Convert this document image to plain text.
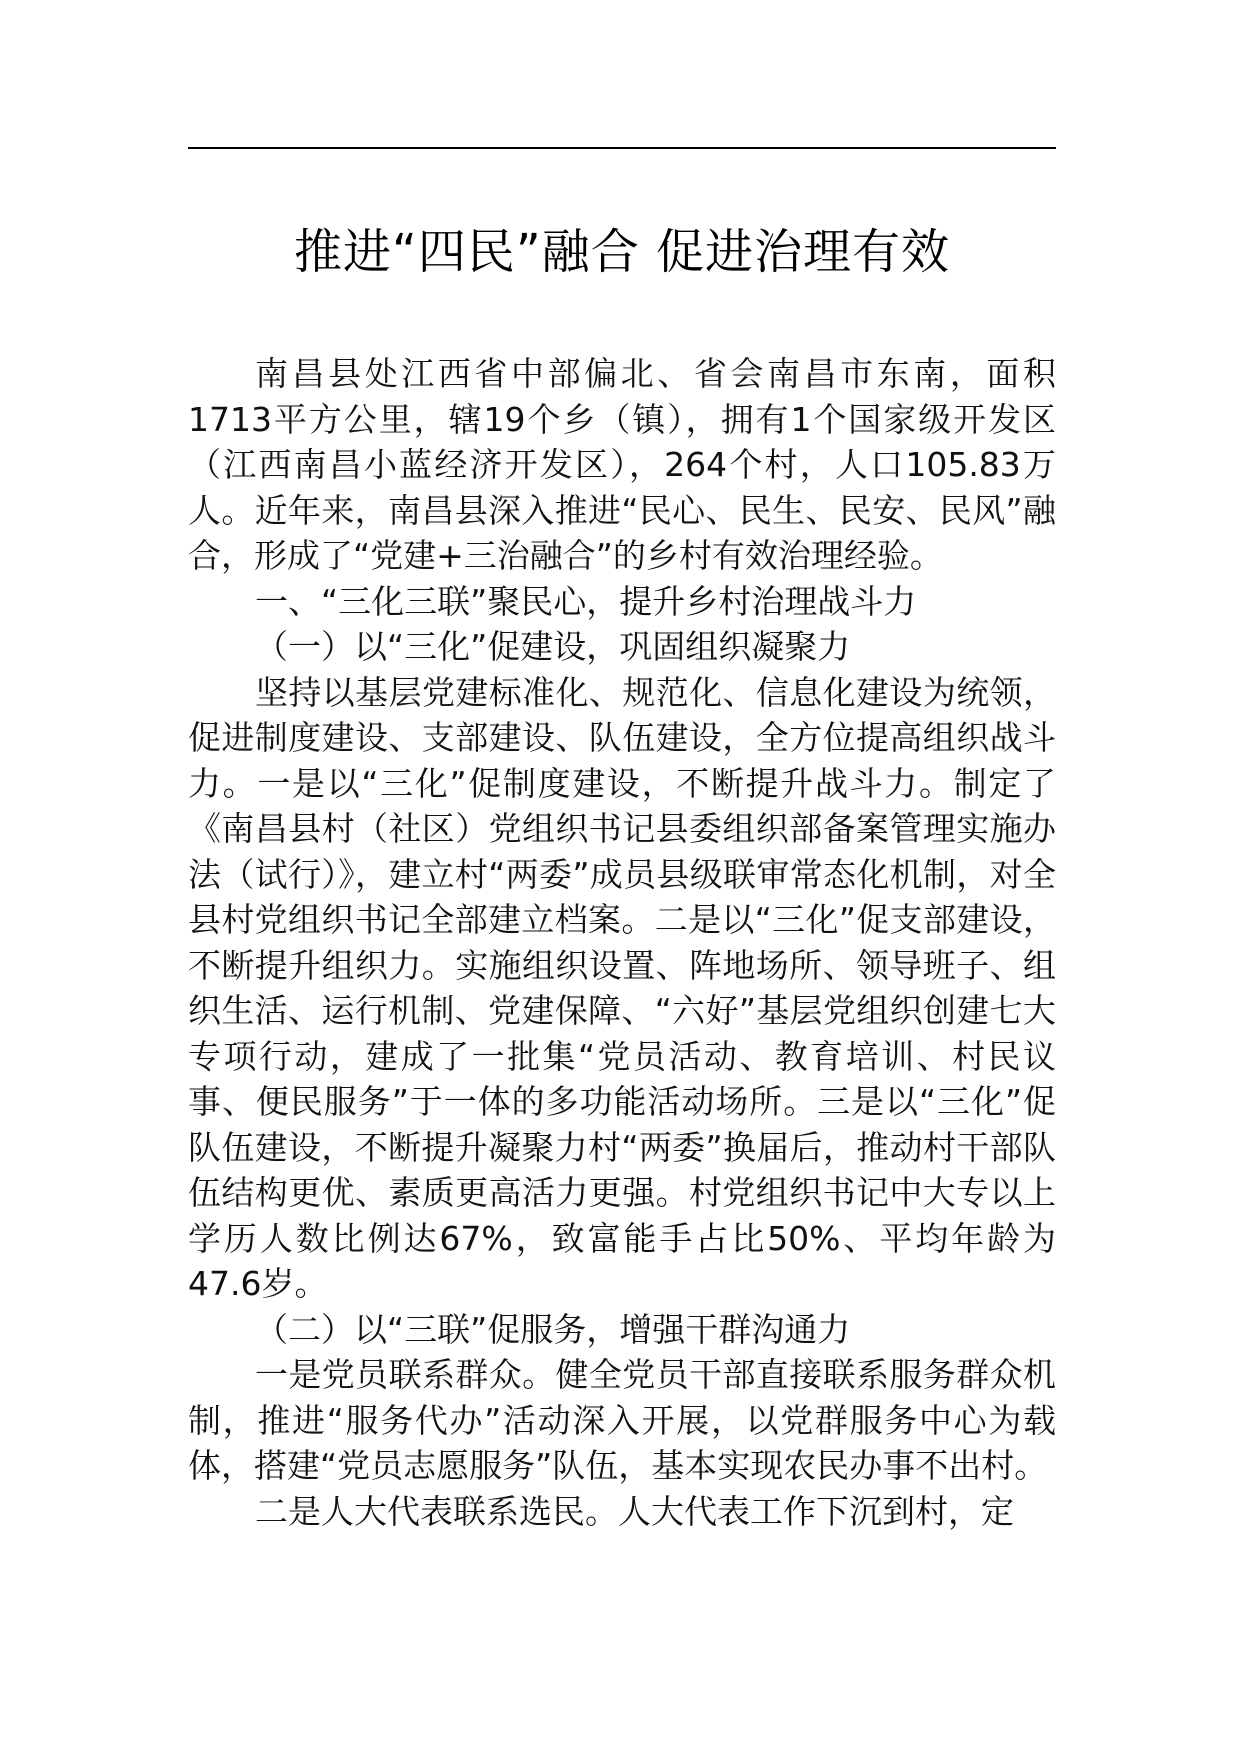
推进“四民”融合 促进治理有效

南昌县处江西省中部偏北、省会南昌市东南，面积1713平方公里，辖19个乡（镇），拥有1个国家级开发区（江西南昌小蓝经济开发区），264个村，人口105.83万人。近年来，南昌县深入推进“民心、民生、民安、民风”融合，形成了“党建+三治融合”的乡村有效治理经验。

一、“三化三联”聚民心，提升乡村治理战斗力

（一）以“三化”促建设，巩固组织凝聚力

坚持以基层党建标准化、规范化、信息化建设为统领，促进制度建设、支部建设、队伍建设，全方位提高组织战斗力。一是以“三化”促制度建设，不断提升战斗力。制定了《南昌县村（社区）党组织书记县委组织部备案管理实施办法（试行）》，建立村“两委”成员县级联审常态化机制，对全县村党组织书记全部建立档案。二是以“三化”促支部建设，不断提升组织力。实施组织设置、阵地场所、领导班子、组织生活、运行机制、党建保障、“六好”基层党组织创建七大专项行动，建成了一批集“党员活动、教育培训、村民议事、便民服务”于一体的多功能活动场所。三是以“三化”促队伍建设，不断提升凝聚力村“两委”换届后，推动村干部队伍结构更优、素质更高活力更强。村党组织书记中大专以上学历人数比例达67%，致富能手占比50%、平均年龄为47.6岁。

（二）以“三联”促服务，增强干群沟通力

一是党员联系群众。健全党员干部直接联系服务群众机制，推进“服务代办”活动深入开展，以党群服务中心为载体，搭建“党员志愿服务”队伍，基本实现农民办事不出村。

二是人大代表联系选民。人大代表工作下沉到村，定
